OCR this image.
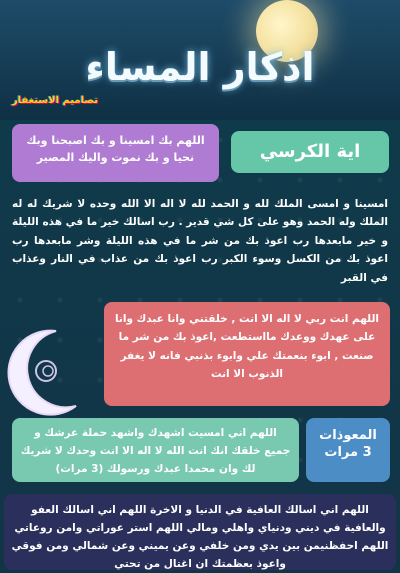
اذكار المساء
تصاميم الاستغفار
اللهم بك امسينا و بك اصبحنا وبك نحيا و بك نموت واليك المصير	اية الكرسي
امسينا و امسى الملك لله و الحمد لله لا اله الا الله وحده لا شريك له له الملك وله الحمد وهو على كل شي قدير . رب اسالك خير ما في هذه الليلة و خير مابعدها رب اعوذ بك من شر ما في هذه الليلة وشر مابعدها رب اعوذ بك من الكسل وسوء الكبر رب اعوذ بك من عذاب في النار وعذاب في القبر
اللهم انت ربي لا اله الا انت , خلقتني وانا عبدك وانا على عهدك ووعدك مااستطعت ,اعوذ بك من شر ما صنعت , ابوء بنعمتك علي وابوء بذنبي فانه لا يغفر الذنوب الا انت
اللهم اني امسيت اشهدك واشهد حملة عرشك و جميع خلقك انك انت الله لا اله الا انت وحدك لا شريك لك وان محمدا عبدك ورسولك (3 مرات)
المعوذات
3 مرات
اللهم اني اسالك العافية في الدنيا و الاخرة اللهم اني اسالك العفو والعافية في ديني ودنياي واهلي ومالي اللهم استر عوراتي وامن روعاتي اللهم احفظنيمن بين يدي ومن خلفي وعن يميني وعن شمالي ومن فوقي واعوذ بعظمتك ان اغتال من تحتي
